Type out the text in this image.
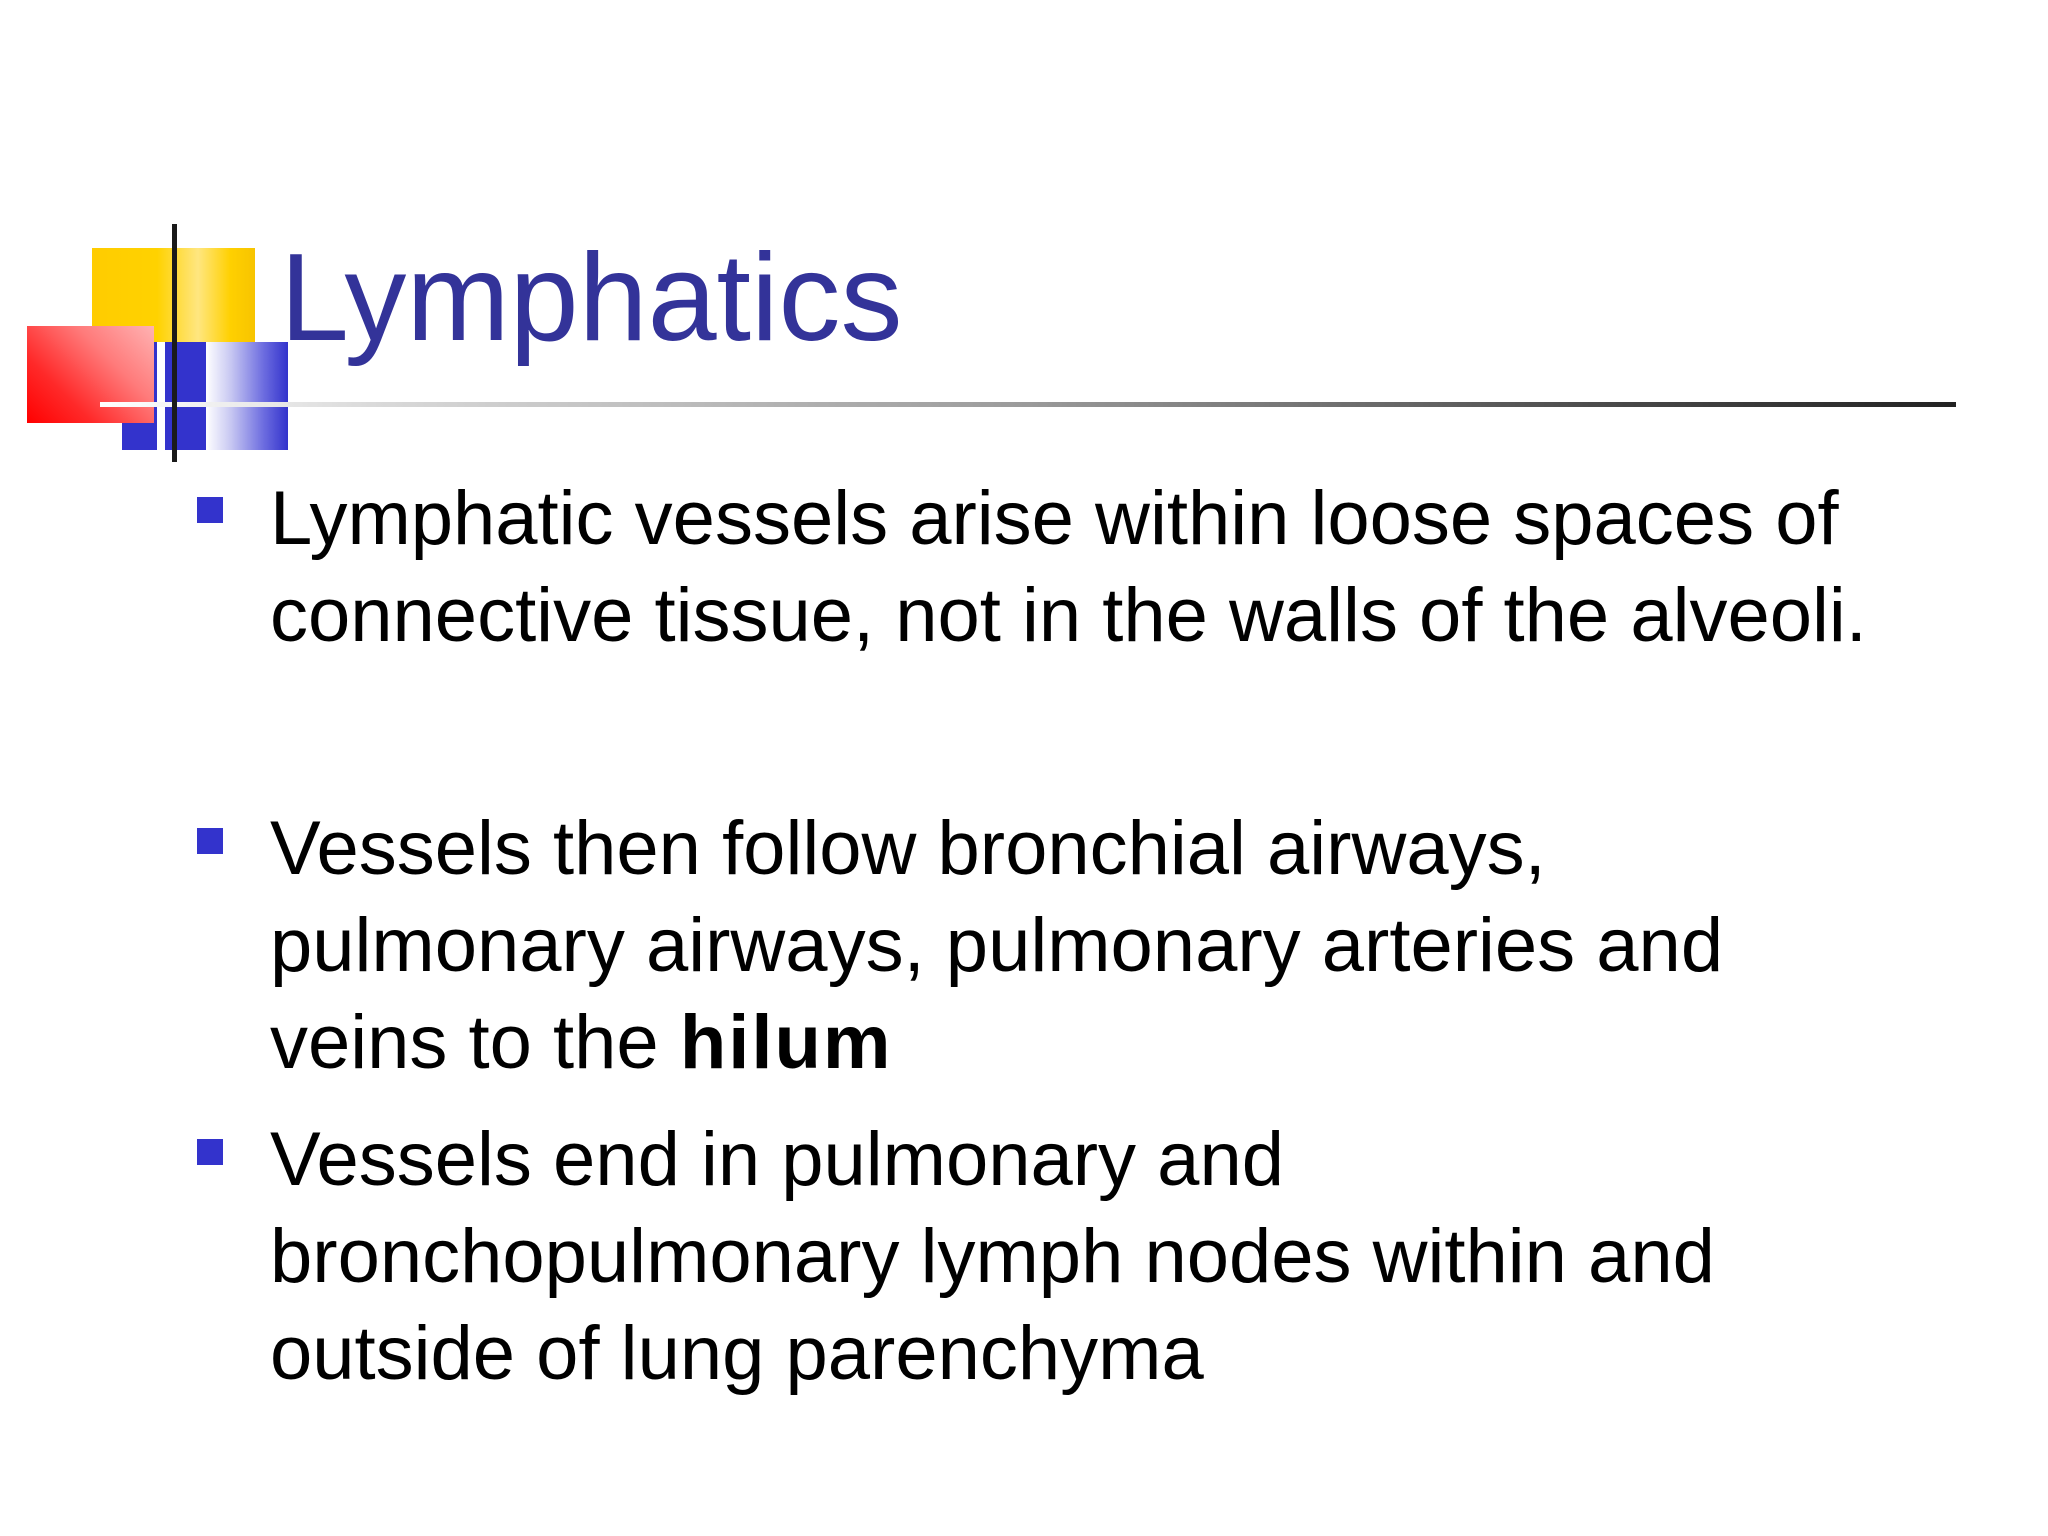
Lymphatics

Lymphatic vessels arise within loose spaces of
connective tissue, not in the walls of the alveoli.

Vessels then follow bronchial airways,
pulmonary airways, pulmonary arteries and
veins to the hilum

Vessels end in pulmonary and
bronchopulmonary lymph nodes within and
outside of lung parenchyma
